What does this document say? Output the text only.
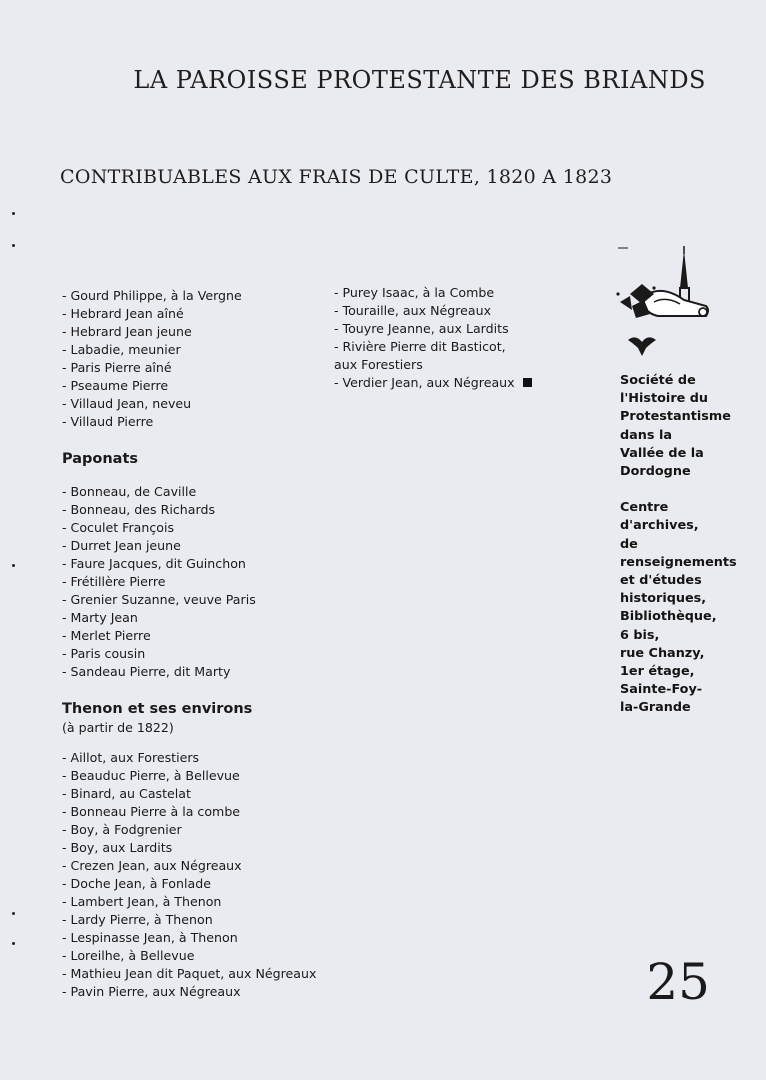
LA PAROISSE PROTESTANTE DES BRIANDS
CONTRIBUABLES AUX FRAIS DE CULTE, 1820 A 1823
- Gourd Philippe, à la Vergne
- Hebrard Jean aîné
- Hebrard Jean jeune
- Labadie, meunier
- Paris Pierre aîné
- Pseaume Pierre
- Villaud Jean, neveu
- Villaud Pierre
Paponats
- Bonneau, de Caville
- Bonneau, des Richards
- Coculet François
- Durret Jean jeune
- Faure Jacques, dit Guinchon
- Frétillère Pierre
- Grenier Suzanne, veuve Paris
- Marty Jean
- Merlet Pierre
- Paris cousin
- Sandeau Pierre, dit Marty
Thenon et ses environs
(à partir de 1822)
- Aillot, aux Forestiers
- Beauduc Pierre, à Bellevue
- Binard, au Castelat
- Bonneau Pierre à la combe
- Boy, à Fodgrenier
- Boy, aux Lardits
- Crezen Jean, aux Négreaux
- Doche Jean, à Fonlade
- Lambert Jean, à Thenon
- Lardy Pierre, à Thenon
- Lespinasse Jean, à Thenon
- Loreilhe, à Bellevue
- Mathieu Jean dit Paquet, aux Négreaux
- Pavin Pierre, aux Négreaux
- Purey Isaac, à la Combe
- Touraille, aux Négreaux
- Touyre Jeanne, aux Lardits
- Rivière Pierre dit Basticot,
aux Forestiers
- Verdier Jean, aux Négreaux	Société de
l'Histoire du
Protestantisme
dans la
Vallée de la
Dordogne
Centre
d'archives,
de
renseignements
et d'études
historiques,
Bibliothèque,
6 bis,
rue Chanzy,
1er étage,
Sainte-Foy-
la-Grande
25
